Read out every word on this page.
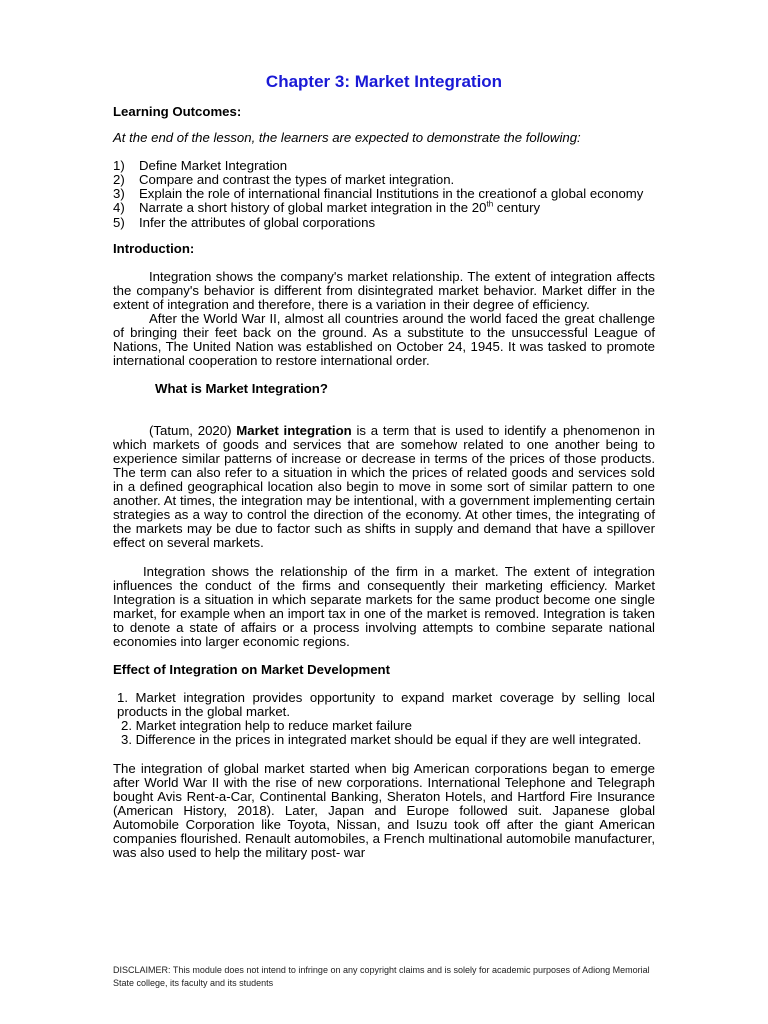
Chapter 3: Market Integration

Learning Outcomes:

At the end of the lesson, the learners are expected to demonstrate the following:

1)	Define Market Integration
2)	Compare and contrast the types of market integration.
3)	Explain the role of international financial Institutions in the creationof a global economy
4)	Narrate a short history of global market integration in the 20th century
5)	Infer the attributes of global corporations

Introduction:

Integration shows the company's market relationship. The extent of integration affects the company's behavior is different from disintegrated market behavior. Market differ in the extent of integration and therefore, there is a variation in their degree of efficiency.

After the World War II, almost all countries around the world faced the great challenge of bringing their feet back on the ground. As a substitute to the unsuccessful League of Nations, The United Nation was established on October 24, 1945. It was tasked to promote international cooperation to restore international order.

What is Market Integration?

(Tatum, 2020) Market integration is a term that is used to identify a phenomenon in which markets of goods and services that are somehow related to one another being to experience similar patterns of increase or decrease in terms of the prices of those products. The term can also refer to a situation in which the prices of related goods and services sold in a defined geographical location also begin to move in some sort of similar pattern to one another. At times, the integration may be intentional, with a government implementing certain strategies as a way to control the direction of the economy. At other times, the integrating of the markets may be due to factor such as shifts in supply and demand that have a spillover effect on several markets.

Integration shows the relationship of the firm in a market. The extent of integration influences the conduct of the firms and consequently their marketing efficiency. Market Integration is a situation in which separate markets for the same product become one single market, for example when an import tax in one of the market is removed. Integration is taken to denote a state of affairs or a process involving attempts to combine separate national economies into larger economic regions.

Effect of Integration on Market Development

1. Market integration provides opportunity to expand market coverage by selling local products in the global market.
2. Market integration help to reduce market failure
3. Difference in the prices in integrated market should be equal if they are well integrated.

The integration of global market started when big American corporations began to emerge after World War II with the rise of new corporations. International Telephone and Telegraph bought Avis Rent-a-Car, Continental Banking, Sheraton Hotels, and Hartford Fire Insurance (American History, 2018). Later, Japan and Europe followed suit. Japanese global Automobile Corporation like Toyota, Nissan, and Isuzu took off after the giant American companies flourished. Renault automobiles, a French multinational automobile manufacturer, was also used to help the military post- war

DISCLAIMER: This module does not intend to infringe on any copyright claims and is solely for academic purposes of Adiong Memorial State college, its faculty and its students
